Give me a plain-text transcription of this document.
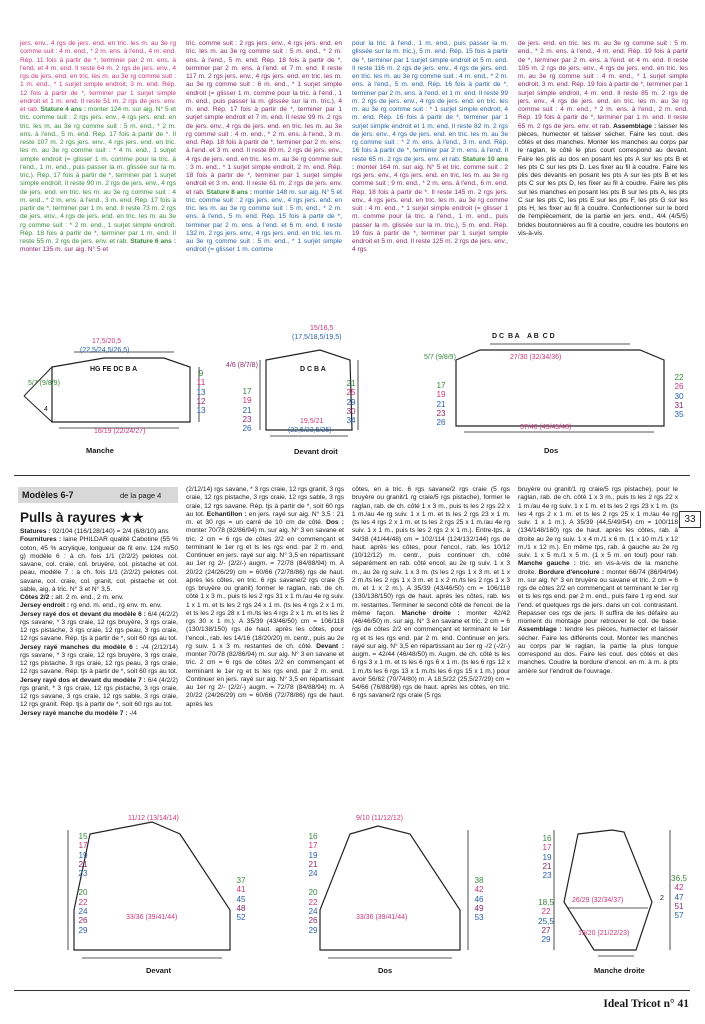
jers. env., 4 rgs de jers. end. en tric. les m. au 3e rg comme suit : 4 m. end., * 2 m. ens. à l'end., 4 m. end. Rép. 11 fois à partir de *, terminer par 2 m. ens. à l'end. et 4 m. end. Il reste 64 m. 2 rgs de jers. env., 4 rgs de jers. end. en tric. les m. au 3e rg comme suit : 1 m. end., * 1 surjet simple endroit, 3 m. end. Rép. 12 fois à partir de *, terminer par 1 surjet simple endroit et 1 m. end. Il reste 51 m. 2 rgs de jers. env. et rab. Stature 4 ans : monter 124 m. sur aig. N° 5 et tric. comme suit : 2 rgs jers. env., 4 rgs jers. end. en tric. les m. au 3e rg comme suit : 5 m. end., * 2 m. ens. à l'end., 5 m. end. Rép. 17 fois à partir de *. Il reste 107 m. 2 rgs jers. env., 4 rgs jers. end. en tric. les m. au 3e rg comme suit : * 4 m. end., 1 surjet simple endroit (= glisser 1 m. comme pour la tric. à l'end., 1 m. end., puis passer la m. glissée sur la m. tric.). Rép. 17 fois à partir de *, terminer par 1 surjet simple endroit. Il reste 90 m. 2 rgs de jers. env., 4 rgs de jers. end. en tric. les m. au 3e rg comme suit : 4 m. end., * 2 m. ens. à l'end., 3 m. end. Rép. 17 fois à partir de *, terminer par 1 m. end. Il reste 73 m. 2 rgs de jers. env., 4 rgs de jers. end. en tric. les m. au 3e rg comme suit : * 2 m. end., 1 surjet simple endroit. Rép. 18 fois à partir de *, terminer par 1 m. end. Il reste 55 m. 2 rgs de jers. env. et rab. Stature 6 ans : monter 135 m. sur aig. N° 5 et
tric. comme suit : 2 rgs jers. env., 4 rgs jers. end. en tric. les m. au 3e rg comme suit : 5 m. end., * 2 m. ens. à l'end., 5 m. end. Rép. 18 fois à partir de *, terminer par 2 m. ens. à l'end. et 7 m. end. Il reste 117 m. 2 rgs jers. env., 4 rgs jers. end. en tric. les m. au 3e rg comme suit : 6 m. end., * 1 surjet simple endroit (= glisser 1 m. comme pour la tric. à l'end., 1 m. end., puis passer la m. glissée sur la m. tric.), 4 m. end. Rép. 17 fois à partir de *, terminer par 1 surjet simple endroit et 7 m. end. Il reste 99 m. 2 rgs de jers. env., 4 rgs de jers. end. en tric. les m. au 3e rg comme suit : 4 m. end., * 2 m. ens. à l'end., 3 m. end. Rép. 18 fois à partir de *, terminer par 2 m. ens. à l'end. et 3 m. end. Il reste 80 m. 2 rgs de jers. env., 4 rgs de jers. end. en tric. les m. au 3e rg comme suit : 3 m. end., * 1 surjet simple endroit, 2 m. end. Rép. 18 fois à partir de *, terminer par 1 surjet simple endroit et 3 m. end. Il reste 61 m. 2 rgs de jers. env. et rab. Stature 8 ans : monter 148 m. sur aig. N° 5 et tric. comme suit : 2 rgs jers. env., 4 rgs jers. end. en tric. les m. au 3e rg comme suit : 5 m. end., * 2 m. ens. à l'end., 5 m. end. Rép. 15 fois à partir de *, terminer par 2 m. ens. à l'end. et 6 m. end. Il reste 132 m. 2 rgs jers. env., 4 rgs jers. end. en tric. les m. au 3e rg comme suit : 5 m. end., * 1 surjet simple endroit (= glisser 1 m. comme
pour la tric. à l'end., 1 m. end., puis passer la m. glissée sur la m. tric.), 5 m. end. Rép. 15 fois à partir de *, terminer par 1 surjet simple endroit et 5 m. end. Il reste 116 m. 2 rgs de jers. env., 4 rgs de jers. end. en tric. les m. au 3e rg comme suit : 4 m. end., * 2 m. ens. à l'end., 5 m. end. Rép. 16 fois à partir de *, terminer par 2 m. ens. à l'end. et 1 m. end. Il reste 99 m. 2 rgs de jers. env., 4 rgs de jers. end. en tric. les m. au 3e rg comme suit : * 1 surjet simple endroit, 4 m. end. Rép. 16 fois à partir de *, terminer par 1 surjet simple endroit et 1 m. end. Il reste 82 m. 2 rgs de jers. env., 4 rgs de jers. end. en tric. les m. au 3e rg comme suit : * 2 m. ens. à l'end., 3 m. end. Rép. 16 fois à partir de *, terminer par 2 m. ens. à l'end. Il reste 65 m. 2 rgs de jers. env. et rab. Stature 10 ans : monter 164 m. sur aig. N° 5 et tric. comme suit : 2 rgs jers. env., 4 rgs jers. end. en tric. les m. au 3e rg comme suit : 9 m. end., * 2 m. ens. à l'end., 6 m. end. Rép. 18 fois à partir de *. Il reste 145 m. 2 rgs jers. env., 4 rgs jers. end. en tric. les m. au 3e rg comme suit : 4 m. end., * 1 surjet simple endroit (= glisser 1 m. comme pour la tric. à l'end., 1 m. end., puis passer la m. glissée sur la m. tric.), 5 m. end. Rép. 19 fois à partir de *, terminer par 1 surjet simple endroit et 5 m. end. Il reste 125 m. 2 rgs de jers. env., 4 rgs
de jers. end. en tric. les m. au 3e rg comme suit : 5 m. end., * 2 m. ens. à l'end., 4 m. end. Rép. 19 fois à partir de *, terminer par 2 m. ens. à l'end. et 4 m. end. Il reste 105 m. 2 rgs de jers. env., 4 rgs de jers. end. en tric. les m. au 3e rg comme suit : 4 m. end., * 1 surjet simple endroit, 3 m. end. Rép. 19 fois à partir de *, terminer par 1 surjet simple endroit, 4 m. end. Il reste 85 m. 2 rgs de jers. env., 4 rgs de jers. end. en tric. les m. au 3e rg comme suit : 4 m. end., * 2 m. ens. à l'end., 2 m. end. Rép. 19 fois à partir de *, terminer par 1 m. end. Il reste 65 m. 2 rgs de jers. env. et rab. Assemblage : laisser les pièces, humecter et laisser sécher. Faire les cout. des côtés et des manches. Monter les manches au corps par le raglan, le côté le plus court correspond au devant. Faire les plis au dos en posant les pts A sur les pts B et les pts C sur les pts D. Les fixer au fil à coudre. Faire les plis des devants en posant les pts A sur les pts B et les pts C sur les pts D, les fixer au fil à coudre. Faire les plis sur les manches en posant les pts B sur les pts A, les pts C sur les pts C, les pts E sur les pts F, les pts G sur les pts H, les fixer au fil à coudre. Confectionner sur le bord de l'empiècement, de la partie en jers. end., 4/4 (4/5/5) brides boutonnières au fil à coudre, coudre les boutons en vis-à-vis.
17,5/20,5
(22,5/24,5/26,5)
HG FE DC B A
5/7 (9/8/9)
4
16/19 (22/24/27)
9
11
13
12
13
Manche
15/16,5
(17,5/18,5/19,5)
4/6 (8/7/8)
D C B A
17
19
21
23
26
21
25
29
30
34
19,5/21
(22,5/23,5/25)
Devant droit
D C  B A    A B  C D
27/30 (32/34/36)
5/7 (9/8/9)
17
19
21
23
26
22
26
30
31
35
37/40 (43/45/48)
Dos
Modèles 6-7	de la page 4
Pulls à rayures ★★	33

Statures : 92/104 (116/128/140) = 2/4 (6/8/10) ans

Fournitures : laine PHILDAR qualité Cabotine (55 % coton, 45 % acrylique, longueur de fil env. 124 m/50 g) modèle 6 : à ch. fois 1/1 (2/2/2) pelotes col. savane, col. craie, col. bruyère, col. pistache et col. peau, modèle 7 : à ch. fois 1/1 (2/2/2) pelotes col. savane, col. craie, col. granit, col. pistache et col. sable, aig. à tric. N° 3 et N° 3,5.

Côtes 2/2 : alt. 2 m. end., 2 m. env.

Jersey endroit : rg end. m. end., rg env. m. env.

Jersey rayé dos et devant du modèle 6 : 6/4 (4/2/2) rgs savane, * 3 rgs craie, 12 rgs bruyère, 3 rgs craie, 12 rgs pistache, 3 rgs craie, 12 rgs peau, 3 rgs craie, 12 rgs savane. Rép. tjs à partir de *, soit 60 rgs au tot.

Jersey rayé manches du modèle 6 : -/4 (2/12/14) rgs savane, * 3 rgs craie, 12 rgs bruyère, 3 rgs craie, 12 rgs pistache, 3 rgs craie, 12 rgs peau, 3 rgs craie, 12 rgs savane. Rép. tjs à partir de *, soit 60 rgs au tot.

Jersey rayé dos et devant du modèle 7 : 6/4 (4/2/2) rgs granit, * 3 rgs craie, 12 rgs pistache, 3 rgs craie, 12 rgs savane, 3 rgs craie, 12 rgs sable, 3 rgs craie, 12 rgs granit. Rép. tjs à partir de *, soit 60 rgs au tot.

Jersey rayé manche du modèle 7 : -/4

(2/12/14) rgs savane, * 3 rgs craie, 12 rgs granit, 3 rgs craie, 12 rgs pistache, 3 rgs craie, 12 rgs sable, 3 rgs craie, 12 rgs savane. Rép. tjs à partir de *, soit 60 rgs au tot. Echantillon : en jers. rayé sur aig. N° 3,5 : 21 m. et 30 rgs = un carré de 10 cm de côté. Dos : monter 70/78 (82/86/94) m. sur aig. N° 3 en savane et tric. 2 cm = 6 rgs de côtes 2/2 en commençant et terminant le 1er rg et ts les rgs end. par 2 m. end. Continuer en jers. rayé sur aig. N° 3,5 en répartissant au 1er rg 2/- (2/2/-) augm. = 72/78 (84/88/94) m. A 20/22 (24/26/29) cm = 60/66 (72/78/86) rgs de haut. après les côtes, en tric. 6 rgs savane/2 rgs craie (5 rgs bruyère ou granit) former le raglan, rab. de ch. côté 1 x 3 m., puis ts les 2 rgs 31 x 1 m./au 4e rg suiv. 1 x 1 m. et ts les 2 rgs 24 x 1 m. (ts les 4 rgs 2 x 1 m. et ts les 2 rgs 28 x 1 m./ts les 4 rgs 2 x 1 m. et ts les 2 rgs 30 x 1 m.). A 35/39 (43/46/50) cm = 106/118 (130/138/150) rgs de haut. après les côtes, pour l'encol., rab. les 14/16 (18/20/20) m. centr., puis au 2e rg suiv. 1 x 3 m. restantes de ch. côté. Devant : monter 70/78 (82/86/94) m. sur aig. N° 3 en savane et tric. 2 cm = 6 rgs de côtes 2/2 en commençant et terminant le 1er rg et ts les rgs end. par 2 m. end. Continuer en jers. rayé sur aig. N° 3,5 en répartissant au 1er rg 2/- (2/2/-) augm. = 72/78 (84/88/94) m. A 20/22 (24/26/29) cm = 60/66 (72/78/86) rgs de haut. après les
côtes, en a tric. 6 rgs savane/2 rgs craie (5 rgs bruyère ou granit/1 rg craie/5 rgs pistache), former le raglan, rab. de ch. côté 1 x 3 m., puis ts les 2 rgs 22 x 1 m./au 4e rg suiv. 1 x 1 m. et ts les 2 rgs 23 x 1 m. (ts les 4 rgs 2 x 1 m. et ts les 2 rgs 25 x 1 m./au 4e rg suiv. 1 x 1 m., puis ts les 2 rgs 2 x 1 m.). Entre-tps, à 34/38 (41/44/48) cm = 102/114 (124/132/144) rgs de haut. après les côtes, pour l'encol., rab. les 10/12 (10/12/12) m. centr., puis continuer ch. côté séparément en rab. côté encol. au 2e rg suiv. 1 x 3 m., au 2e rg suiv. 1 x 3 m. (ts les 2 rgs 1 x 3 m. et 1 x 2 m./ts les 2 rgs 1 x 3 m. et 1 x 2 m./ts les 2 rgs 1 x 3 m. et 1 x 2 m.). A 35/39 (43/46/50) cm = 106/118 (130/138/150) rgs de haut. après les côtes, rab. les m. restantes. Terminer le second côté de l'encol. de la même façon. Manche droite : monter 42/42 (46/46/50) m. sur aig. N° 3 en savane et tric. 2 cm = 6 rgs de côtes 2/2 en commençant et terminant le 1er rg et ts les rgs end. par 2 m. end. Continuer en jers. rayé sur aig. N° 3,5 en répartissant au 1er rg -/2 (-/2/-) augm. = 42/44 (46/48/50) m. Augm. de ch. côté ts les 6 rgs 3 x 1 m. et ts les 6 rgs 6 x 1 m. (ts les 6 rgs 12 x 1 m./ts les 6 rgs 13 x 1 m./ts les 6 rgs 15 x 1 m.) pour avoir 56/62 (70/74/80) m. A 18,5/22 (25,5/27/29) cm = 54/66 (76/88/98) rgs de haut. après les côtes, en tric. 6 rgs savane/2 rgs craie (5 rgs
bruyère ou granit/1 rg craie/5 rgs pistache), pour le raglan, rab. de ch. côté 1 x 3 m., puis ts les 2 rgs 22 x 1 m./au 4e rg suiv. 1 x 1 m. et ts les 2 rgs 23 x 1 m. (ts les 4 rgs 2 x 1 m. et ts les 2 rgs 25 x 1 m./au 4e rg suiv. 1 x 1 m.). A 35/39 (44,5/49/54) cm = 100/118 (134/148/160) rgs de haut. après les côtes, rab. à droite au 2e rg suiv. 1 x 4 m./1 x 6 m. (1 x 10 m./1 x 12 m./1 x 12 m.). En même tps, rab. à gauche au 2e rg suiv. 1 x 5 m./1 x 5 m. (1 x 5 m. en tout) pour rab. Manche gauche : tric. en vis-à-vis de la manche droite. Bordure d'encolure : monter 66/74 (86/94/94) m. sur aig. N° 3 en bruyère ou savane et tric. 2 cm = 6 rgs de côtes 2/2 en commençant et terminant le 1er rg et ts les rgs end. par 2 m. end., puis faire 1 rg end. sur l'end. et quelques rgs de jers. dans un col. contrastant. Repasser ces rgs de jers. Il suffira de les défaire au moment du montage pour retrouver le col. de base. Assemblage : tendre les pièces, humecter et laisser sécher. Faire les différents cout. Monter les manches au corps par le raglan, la partie la plus longue correspond au dos. Faire les cout. des côtés et des manches. Coudre la bordure d'encol. en m. à m. à pts arrière sur l'endroit de l'ouvrage.
11/12 (13/14/14)
15
17
19
21
23
20
22
24
26
29
37
41
45
48
52
33/36 (39/41/44)
Devant
9/10 (11/12/12)
16
17
19
21
24
20
22
24
26
29
38
42
46
49
53
33/36 (39/41/44)
Dos
16
17
19
21
23
18,5
22
25,5
27
29
36,5
42
47
51
57
2
26/29 (32/34/37)
19/20 (21/22/23)
Manche droite
Ideal Tricot n° 41
